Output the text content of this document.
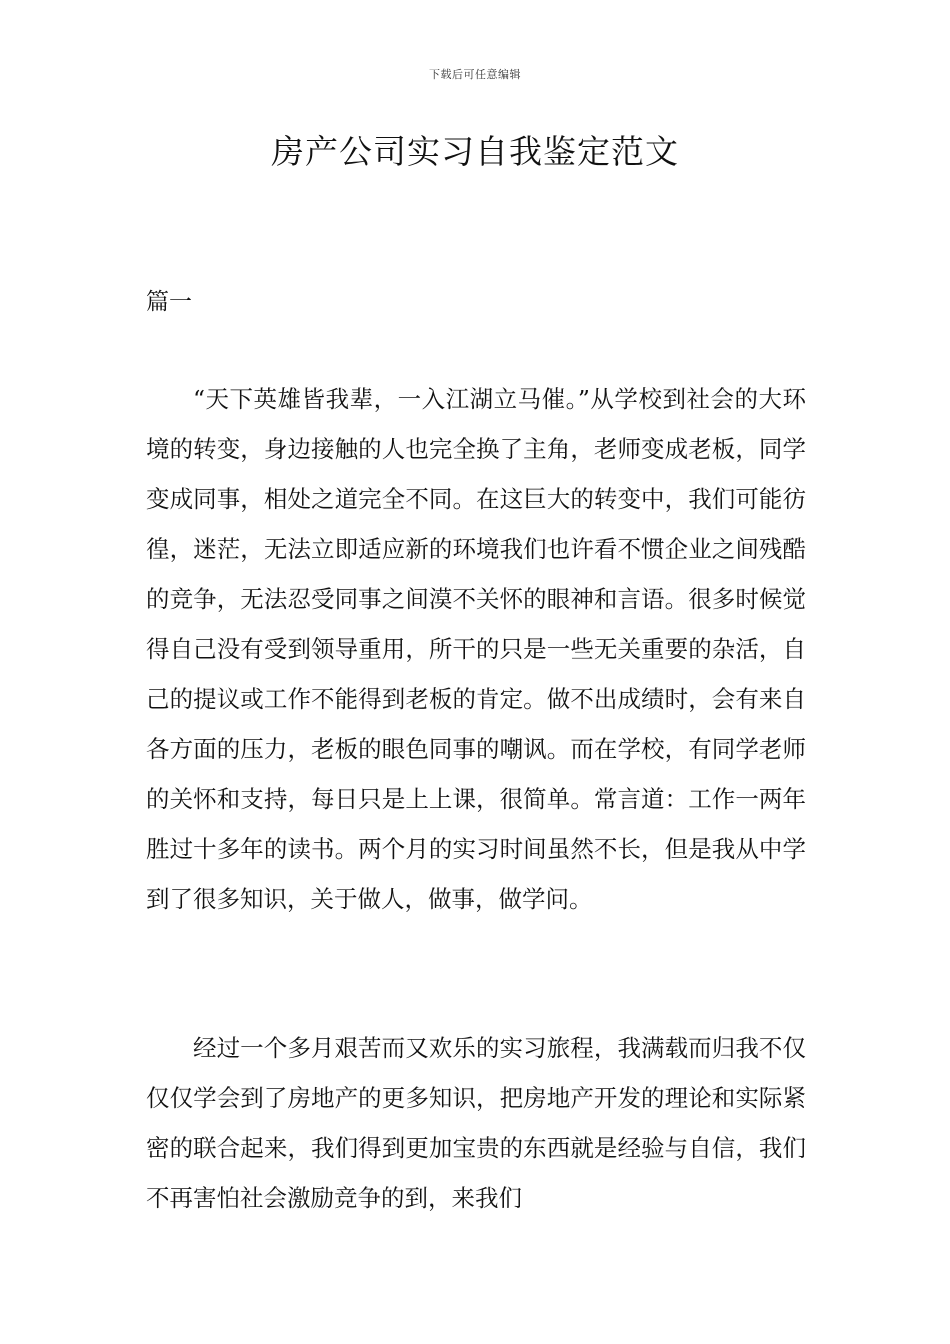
下载后可任意编辑
房产公司实习自我鉴定范文
篇一

“天下英雄皆我辈，一入江湖立马催。”从学校到社会的大环境的转变，身边接触的人也完全换了主角，老师变成老板，同学变成同事，相处之道完全不同。在这巨大的转变中，我们可能彷徨，迷茫，无法立即适应新的环境我们也许看不惯企业之间残酷的竞争，无法忍受同事之间漠不关怀的眼神和言语。很多时候觉得自己没有受到领导重用，所干的只是一些无关重要的杂活，自己的提议或工作不能得到老板的肯定。做不出成绩时，会有来自各方面的压力，老板的眼色同事的嘲讽。而在学校，有同学老师的关怀和支持，每日只是上上课，很简单。常言道：工作一两年胜过十多年的读书。两个月的实习时间虽然不长，但是我从中学到了很多知识，关于做人，做事，做学问。

经过一个多月艰苦而又欢乐的实习旅程，我满载而归我不仅仅仅学会到了房地产的更多知识，把房地产开发的理论和实际紧密的联合起来，我们得到更加宝贵的东西就是经验与自信，我们不再害怕社会激励竞争的到，来我们
